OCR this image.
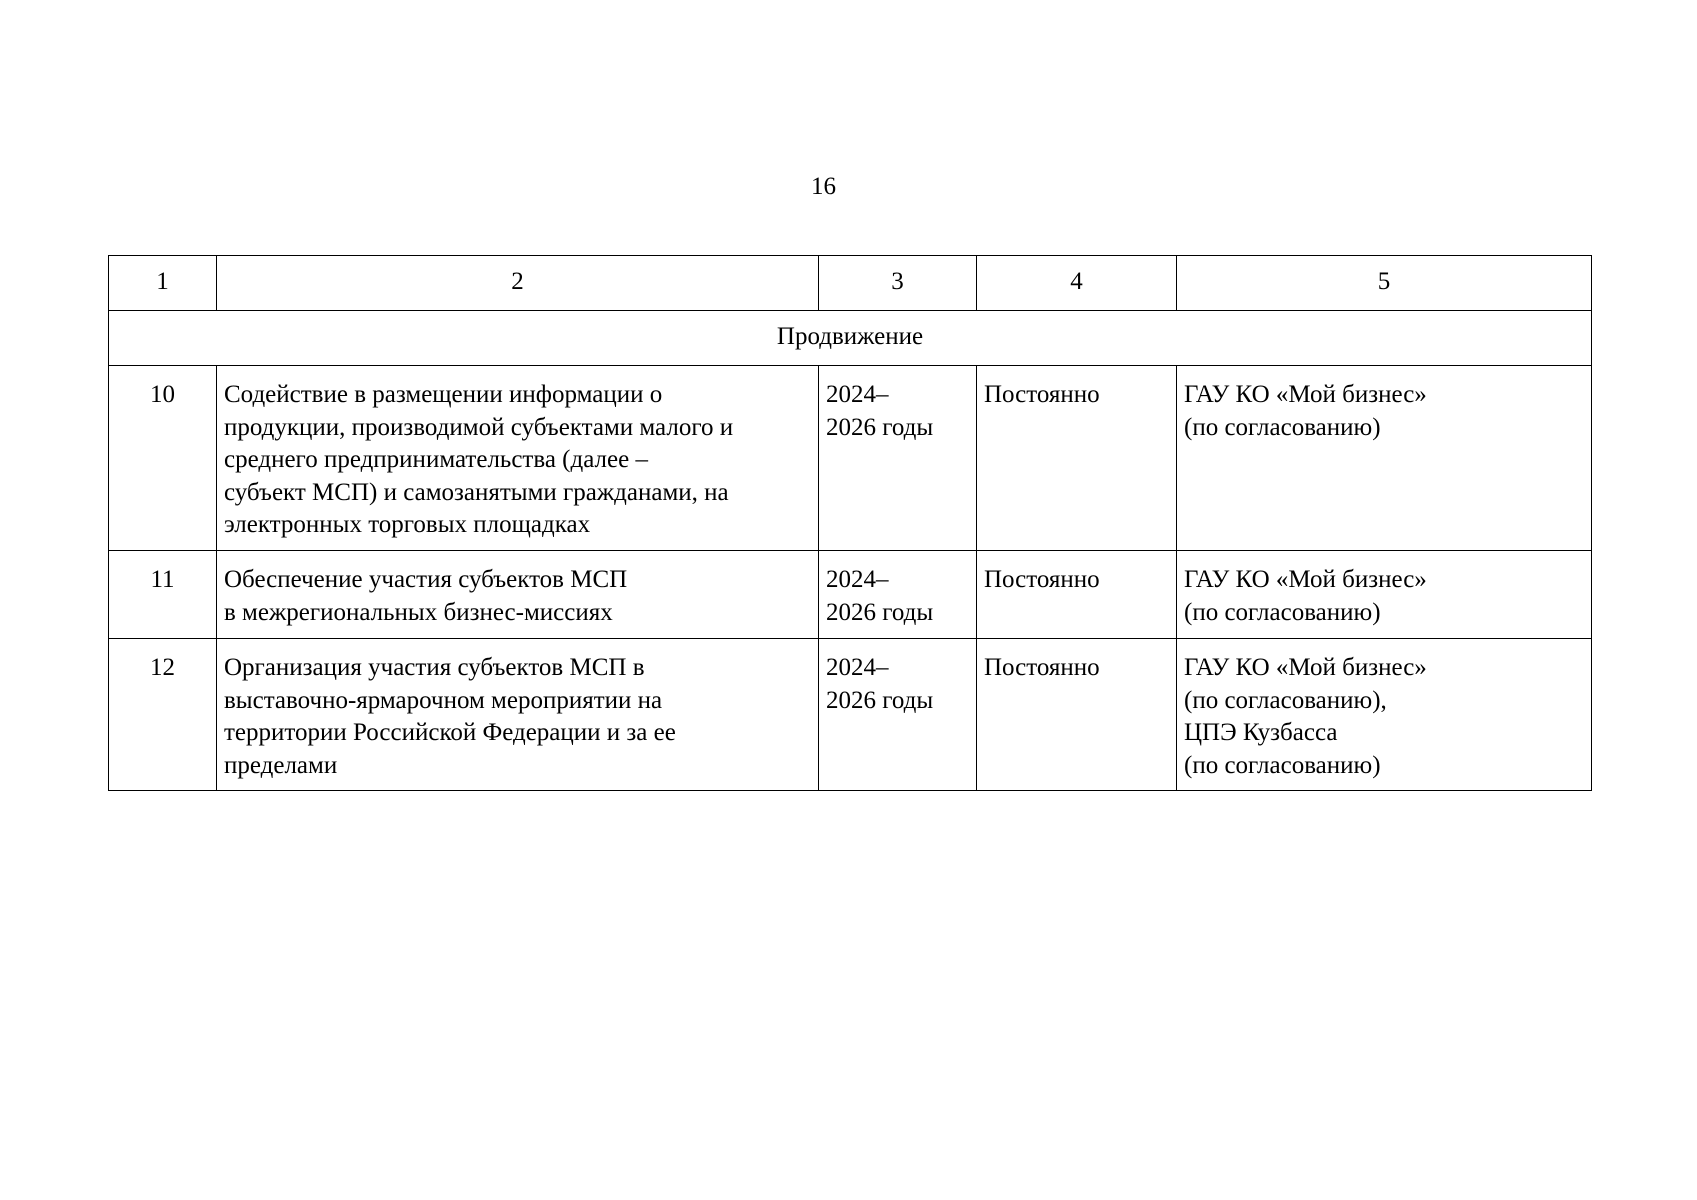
16
1	2	3	4	5
Продвижение				
10	Содействие в размещении информации о
продукции, производимой субъектами малого и
среднего предпринимательства (далее –
субъект МСП) и самозанятыми гражданами, на
электронных торговых площадках	2024–
2026 годы	Постоянно	ГАУ КО «Мой бизнес»
(по согласованию)

11	Обеспечение участия субъектов МСП
в межрегиональных бизнес-миссиях	2024–
2026 годы	Постоянно	ГАУ КО «Мой бизнес»
(по согласованию)

12	Организация участия субъектов МСП в
выставочно-ярмарочном мероприятии на
территории Российской Федерации и за ее
пределами	2024–
2026 годы	Постоянно	ГАУ КО «Мой бизнес»
(по согласованию),
ЦПЭ Кузбасса
(по согласованию)
